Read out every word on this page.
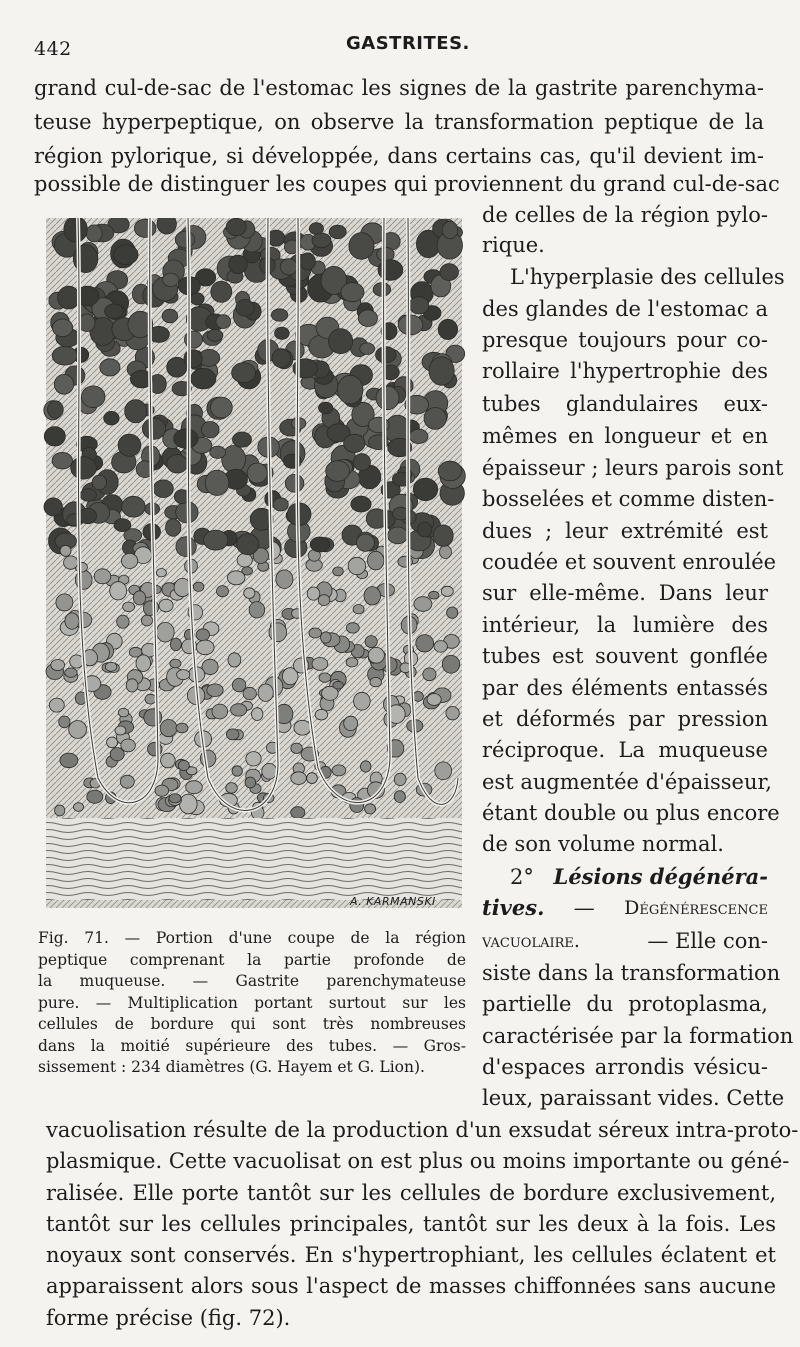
442	GASTRITES.
grand cul-de-sac de l'estomac les signes de la gastrite parenchyma-
teuse hyperpeptique, on observe la transformation peptique de la
région pylorique, si développée, dans certains cas, qu'il devient im-
possible de distinguer les coupes qui proviennent du grand cul-de-sac
de celles de la région pylo-
rique.
L'hyperplasie des cellules
des glandes de l'estomac a
presque toujours pour co-
rollaire l'hypertrophie des
tubes glandulaires eux-
mêmes en longueur et en
épaisseur ; leurs parois sont
bosselées et comme disten-
dues ; leur extrémité est
coudée et souvent enroulée
sur elle-même. Dans leur
intérieur, la lumière des
tubes est souvent gonflée
par des éléments entassés
et déformés par pression
réciproque. La muqueuse
est augmentée d'épaisseur,
étant double ou plus encore
de son volume normal.
2° Lésions dégénéra-
tives. — Dégénérescence
vacuolaire.	— Elle con-
siste dans la transformation
partielle du protoplasma,
caractérisée par la formation
d'espaces arrondis vésicu-
leux, paraissant vides. Cette
vacuolisation résulte de la production d'un exsudat séreux intra-proto-
plasmique. Cette vacuolisat on est plus ou moins importante ou géné-
ralisée. Elle porte tantôt sur les cellules de bordure exclusivement,
tantôt sur les cellules principales, tantôt sur les deux à la fois. Les
noyaux sont conservés. En s'hypertrophiant, les cellules éclatent et
apparaissent alors sous l'aspect de masses chiffonnées sans aucune
forme précise (fig. 72).
A. KARMANSKI
Fig. 71. — Portion d'une coupe de la région
peptique comprenant la partie profonde de
la muqueuse. — Gastrite parenchymateuse
pure. — Multiplication portant surtout sur les
cellules de bordure qui sont très nombreuses
dans la moitié supérieure des tubes. — Gros-
sissement : 234 diamètres (G. Hayem et G. Lion).
